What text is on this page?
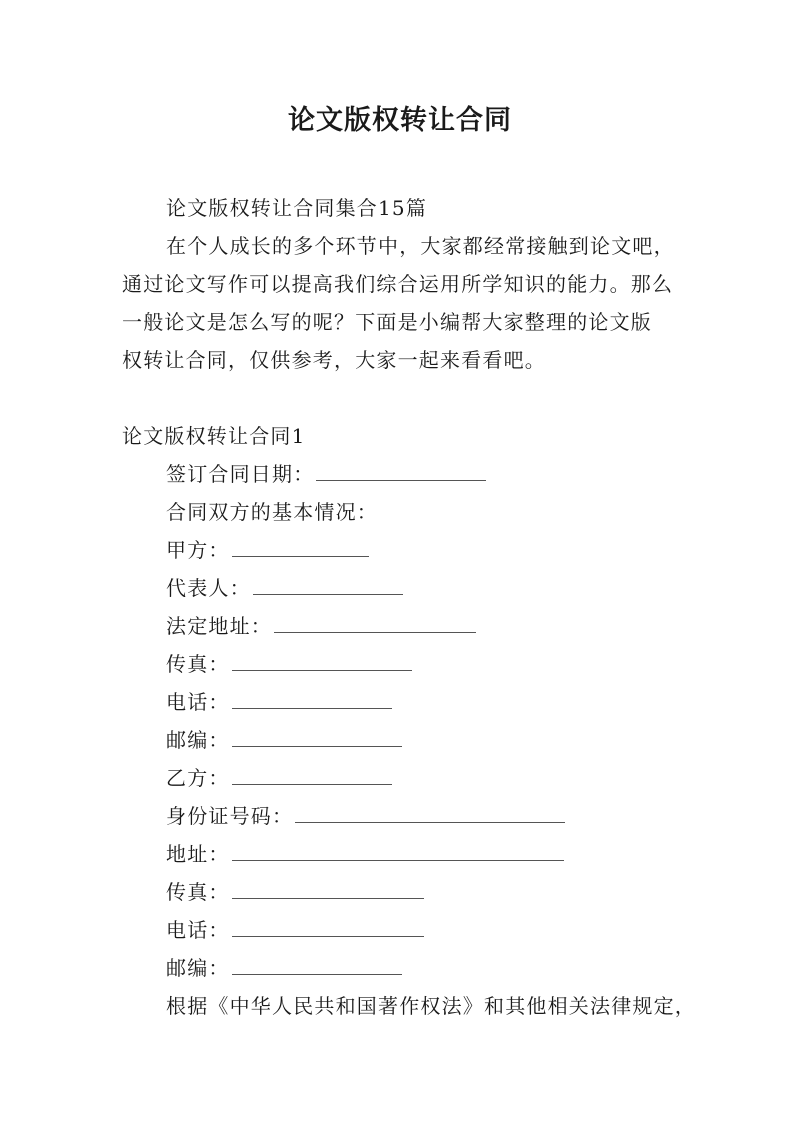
论文版权转让合同
论文版权转让合同集合15篇
在个人成长的多个环节中，大家都经常接触到论文吧，
通过论文写作可以提高我们综合运用所学知识的能力。那么
一般论文是怎么写的呢？下面是小编帮大家整理的论文版
权转让合同，仅供参考，大家一起来看看吧。
论文版权转让合同1
签订合同日期：
合同双方的基本情况：
甲方：
代表人：
法定地址：
传真：
电话：
邮编：
乙方：
身份证号码：
地址：
传真：
电话：
邮编：
根据《中华人民共和国著作权法》和其他相关法律规定，
